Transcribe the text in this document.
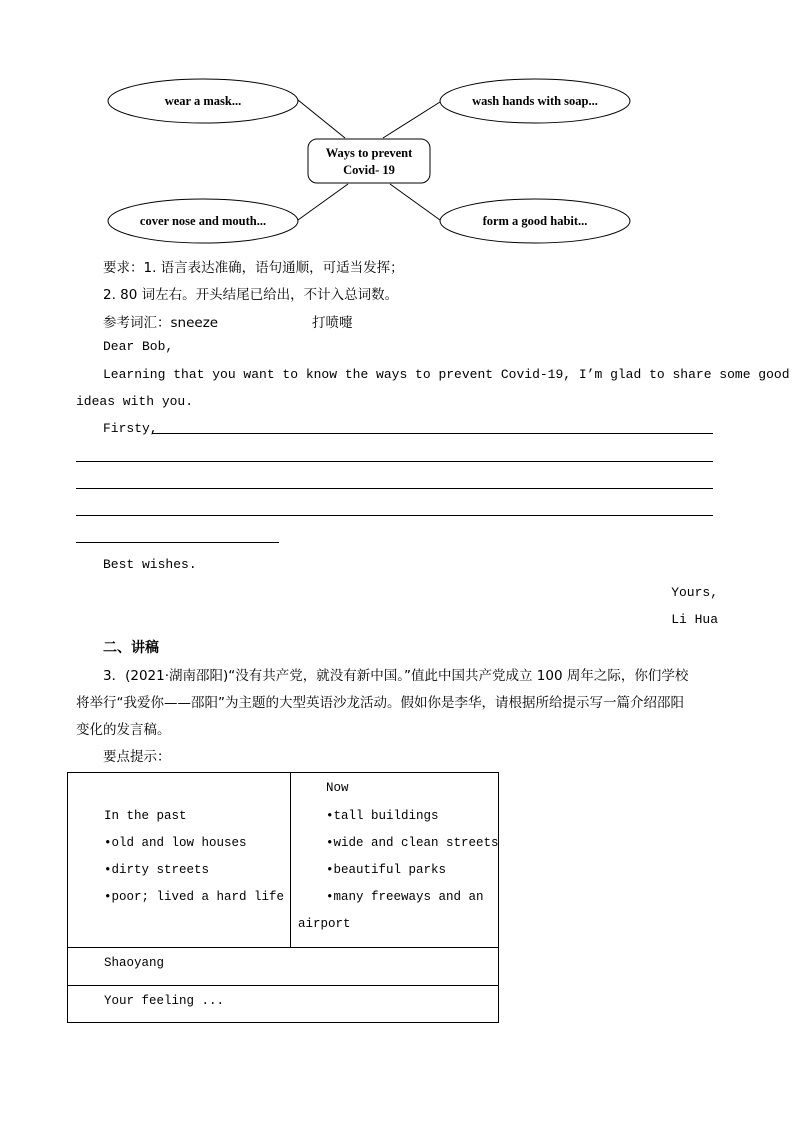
Ways to prevent
Covid- 19
wear a mask...	wash hands with soap...
cover nose and mouth...	form a good habit...
要求：1. 语言表达准确，语句通顺，可适当发挥；
2. 80 词左右。开头结尾已给出，不计入总词数。
参考词汇：sneeze	打喷嚏
Dear Bob,
Learning that you want to know the ways to prevent Covid-19, I’m glad to share some good
ideas with you.
Firsty,
Best wishes.
Yours,
Li Hua
二、讲稿
3．(2021·湖南邵阳)“没有共产党，就没有新中国。”值此中国共产党成立 100 周年之际，你们学校
将举行“我爱你——邵阳”为主题的大型英语沙龙活动。假如你是李华，请根据所给提示写一篇介绍邵阳
变化的发言稿。
要点提示：
In the past
•old and low houses
•dirty streets
•poor; lived a hard life
Now
•tall buildings
•wide and clean streets
•beautiful parks
•many freeways and an
airport
Shaoyang
Your feeling ...
